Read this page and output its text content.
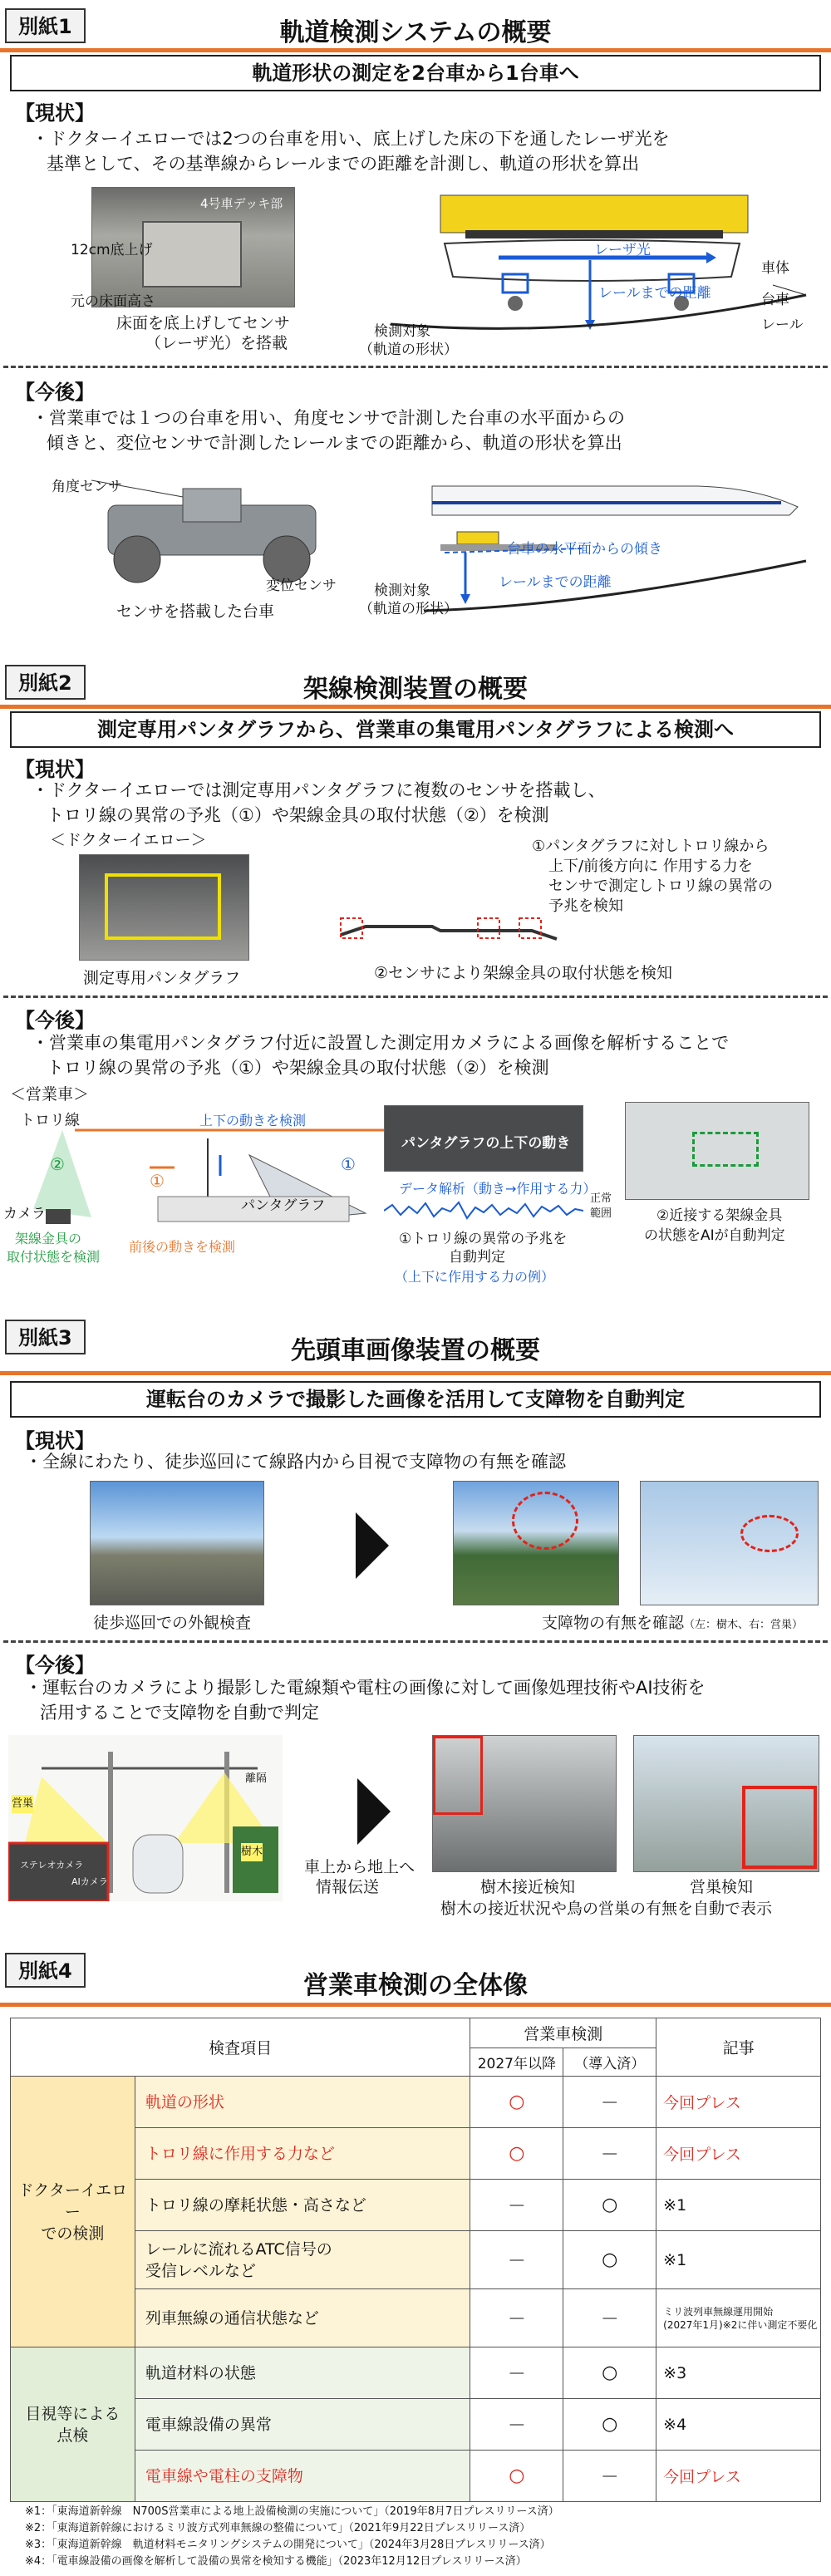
別紙1	軌道検測システムの概要
軌道形状の測定を2台車から1台車へ
【現状】
・ドクターイエローでは2つの台車を用い、底上げした床の下を通したレーザ光を
基準として、その基準線からレールまでの距離を計測し、軌道の形状を算出
4号車デッキ部
12cm底上げ
元の床面高さ
床面を底上げしてセンサ
（レーザ光）を搭載
レーザ光
レールまでの距離
車体
台車
レール
検測対象
（軌道の形状）
【今後】
・営業車では１つの台車を用い、角度センサで計測した台車の水平面からの
傾きと、変位センサで計測したレールまでの距離から、軌道の形状を算出
角度センサ
変位センサ
センサを搭載した台車
台車の水平面からの傾き
レールまでの距離
検測対象
（軌道の形状）
別紙2	架線検測装置の概要
測定専用パンタグラフから、営業車の集電用パンタグラフによる検測へ
【現状】
・ドクターイエローでは測定専用パンタグラフに複数のセンサを搭載し、
トロリ線の異常の予兆（①）や架線金具の取付状態（②）を検測
＜ドクターイエロー＞
測定専用パンタグラフ
①パンタグラフに対しトロリ線から
上下/前後方向に 作用する力を
センサで測定しトロリ線の異常の
予兆を検知
②センサにより架線金具の取付状態を検知
【今後】
・営業車の集電用パンタグラフ付近に設置した測定用カメラによる画像を解析することで
トロリ線の異常の予兆（①）や架線金具の取付状態（②）を検測
＜営業車＞
トロリ線	上下の動きを検測
②
①
①
カメラ	パンタグラフ
架線金具の
取付状態を検測
前後の動きを検測
パンタグラフの上下の動き
データ解析（動き→作用する力）
正常
範囲
①トロリ線の異常の予兆を
自動判定
（上下に作用する力の例）
②近接する架線金具
の状態をAIが自動判定
別紙3	先頭車画像装置の概要
運転台のカメラで撮影した画像を活用して支障物を自動判定
【現状】
・全線にわたり、徒歩巡回にて線路内から目視で支障物の有無を確認
徒歩巡回での外観検査	支障物の有無を確認（左：樹木、右：営巣）
【今後】
・運転台のカメラにより撮影した電線類や電柱の画像に対して画像処理技術やAI技術を
活用することで支障物を自動で判定
営巣
離隔
樹木
ステレオカメラ
AIカメラ
車上から地上へ
情報伝送	樹木接近検知	営巣検知
樹木の接近状況や鳥の営巣の有無を自動で表示
別紙4	営業車検測の全体像
検査項目		営業車検測		記事
		2027年以降	（導入済）	
ドクターイエロー
での検測	軌道の形状	○	－	今回プレス
	トロリ線に作用する力など	○	－	今回プレス
	トロリ線の摩耗状態・高さなど	－	○	※1
	レールに流れるATC信号の
受信レベルなど	－	○	※1
	列車無線の通信状態など	－	－	ミリ波列車無線運用開始
(2027年1月)※2に伴い測定不要化
目視等による
点検	軌道材料の状態	－	○	※3
	電車線設備の異常	－	○	※4
	電車線や電柱の支障物	○	－	今回プレス
※1：「東海道新幹線　N700S営業車による地上設備検測の実施について」（2019年8月7日プレスリリース済）
※2：「東海道新幹線におけるミリ波方式列車無線の整備について」（2021年9月22日プレスリリース済）
※3：「東海道新幹線　軌道材料モニタリングシステムの開発について」（2024年3月28日プレスリリース済）
※4：「電車線設備の画像を解析して設備の異常を検知する機能」（2023年12月12日プレスリリース済）
